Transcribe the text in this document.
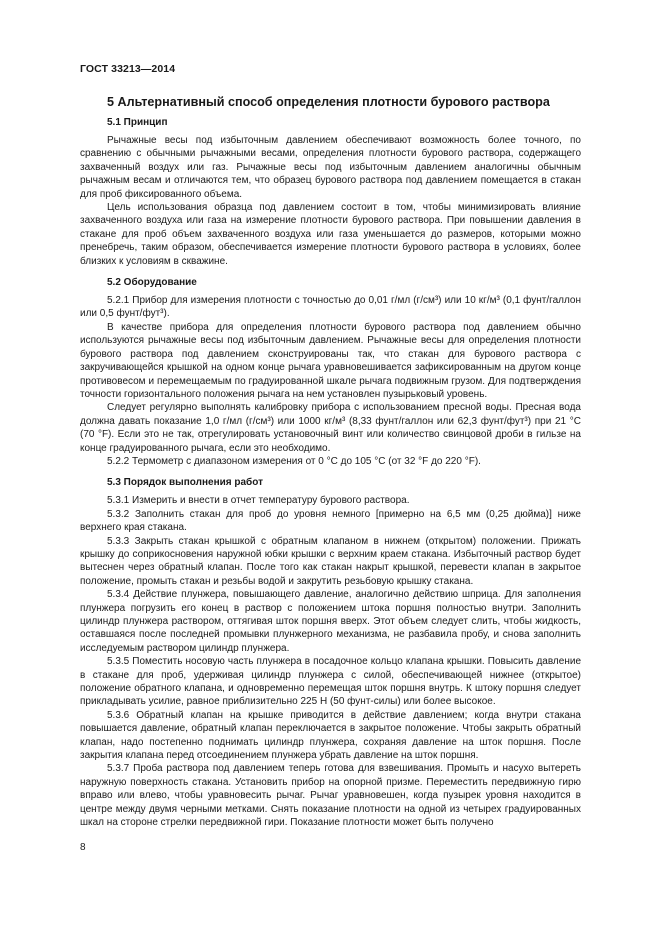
ГОСТ 33213—2014
5 Альтернативный способ определения плотности бурового раствора
5.1 Принцип

Рычажные весы под избыточным давлением обеспечивают возможность более точного, по сравнению с обычными рычажными весами, определения плотности бурового раствора, содержащего захваченный воздух или газ. Рычажные весы под избыточным давлением аналогичны обычным рычажным весам и отличаются тем, что образец бурового раствора под давлением помещается в стакан для проб фиксированного объема.

Цель использования образца под давлением состоит в том, чтобы минимизировать влияние захваченного воздуха или газа на измерение плотности бурового раствора. При повышении давления в стакане для проб объем захваченного воздуха или газа уменьшается до размеров, которыми можно пренебречь, таким образом, обеспечивается измерение плотности бурового раствора в условиях, более близких к условиям в скважине.

5.2 Оборудование

5.2.1 Прибор для измерения плотности с точностью до 0,01 г/мл (г/см³) или 10 кг/м³ (0,1 фунт/галлон или 0,5 фунт/фут³).

В качестве прибора для определения плотности бурового раствора под давлением обычно используются рычажные весы под избыточным давлением. Рычажные весы для определения плотности бурового раствора под давлением сконструированы так, что стакан для бурового раствора с закручивающейся крышкой на одном конце рычага уравновешивается зафиксированным на другом конце противовесом и перемещаемым по градуированной шкале рычага подвижным грузом. Для подтверждения точности горизонтального положения рычага на нем установлен пузырьковый уровень.

Следует регулярно выполнять калибровку прибора с использованием пресной воды. Пресная вода должна давать показание 1,0 г/мл (г/см³) или 1000 кг/м³ (8,33 фунт/галлон или 62,3 фунт/фут³) при 21 °C (70 °F). Если это не так, отрегулировать установочный винт или количество свинцовой дроби в гильзе на конце градуированного рычага, если это необходимо.

5.2.2 Термометр с диапазоном измерения от 0 °C до 105 °C (от 32 °F до 220 °F).

5.3 Порядок выполнения работ

5.3.1 Измерить и внести в отчет температуру бурового раствора.

5.3.2 Заполнить стакан для проб до уровня немного [примерно на 6,5 мм (0,25 дюйма)] ниже верхнего края стакана.

5.3.3 Закрыть стакан крышкой с обратным клапаном в нижнем (открытом) положении. Прижать крышку до соприкосновения наружной юбки крышки с верхним краем стакана. Избыточный раствор будет вытеснен через обратный клапан. После того как стакан накрыт крышкой, перевести клапан в закрытое положение, промыть стакан и резьбы водой и закрутить резьбовую крышку стакана.

5.3.4 Действие плунжера, повышающего давление, аналогично действию шприца. Для заполнения плунжера погрузить его конец в раствор с положением штока поршня полностью внутри. Заполнить цилиндр плунжера раствором, оттягивая шток поршня вверх. Этот объем следует слить, чтобы жидкость, оставшаяся после последней промывки плунжерного механизма, не разбавила пробу, и снова заполнить исследуемым раствором цилиндр плунжера.

5.3.5 Поместить носовую часть плунжера в посадочное кольцо клапана крышки. Повысить давление в стакане для проб, удерживая цилиндр плунжера с силой, обеспечивающей нижнее (открытое) положение обратного клапана, и одновременно перемещая шток поршня внутрь. К штоку поршня следует прикладывать усилие, равное приблизительно 225 Н (50 фунт-силы) или более высокое.

5.3.6 Обратный клапан на крышке приводится в действие давлением; когда внутри стакана повышается давление, обратный клапан переключается в закрытое положение. Чтобы закрыть обратный клапан, надо постепенно поднимать цилиндр плунжера, сохраняя давление на шток поршня. После закрытия клапана перед отсоединением плунжера убрать давление на шток поршня.

5.3.7 Проба раствора под давлением теперь готова для взвешивания. Промыть и насухо вытереть наружную поверхность стакана. Установить прибор на опорной призме. Переместить передвижную гирю вправо или влево, чтобы уравновесить рычаг. Рычаг уравновешен, когда пузырек уровня находится в центре между двумя черными метками. Снять показание плотности на одной из четырех градуированных шкал на стороне стрелки передвижной гири. Показание плотности может быть получено

8
